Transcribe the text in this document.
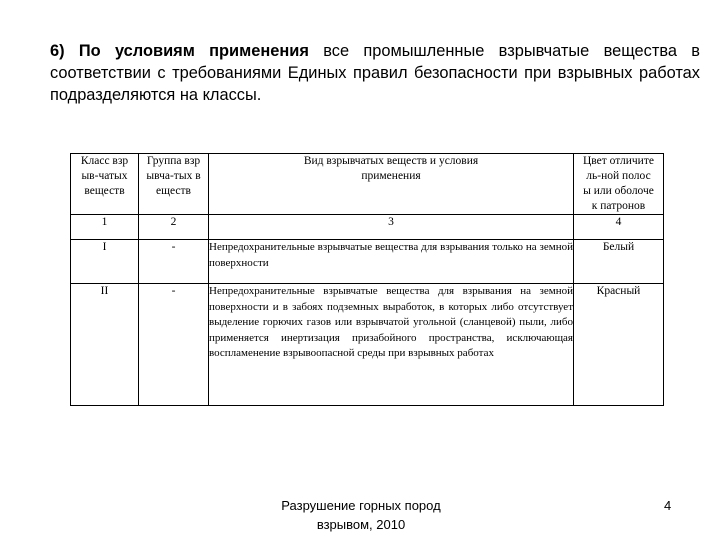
6) По условиям применения все промышленные взрывчатые вещества в соответствии с требованиями Единых правил безопасности при взрывных работах подразделяются на классы.
Класс взрыв-чатых веществ	Группа взрывча-тых веществ	Вид взрывчатых веществ и условия применения	Цвет отличитель-ной полосы или оболочек патронов
1	2	3	4
I	-	Непредохранительные взрывчатые вещества для взрывания только на земной поверхности	Белый
II	-	Непредохранительные взрывчатые вещества для взрывания на земной поверхности и в забоях подземных выработок, в которых либо отсутствует выделение горючих газов или взрывчатой угольной (сланцевой) пыли, либо применяется инертизация призабойного пространства, исключающая воспламенение взрывоопасной среды при взрывных работах	Красный
Разрушение горных пород
взрывом, 2010
4
